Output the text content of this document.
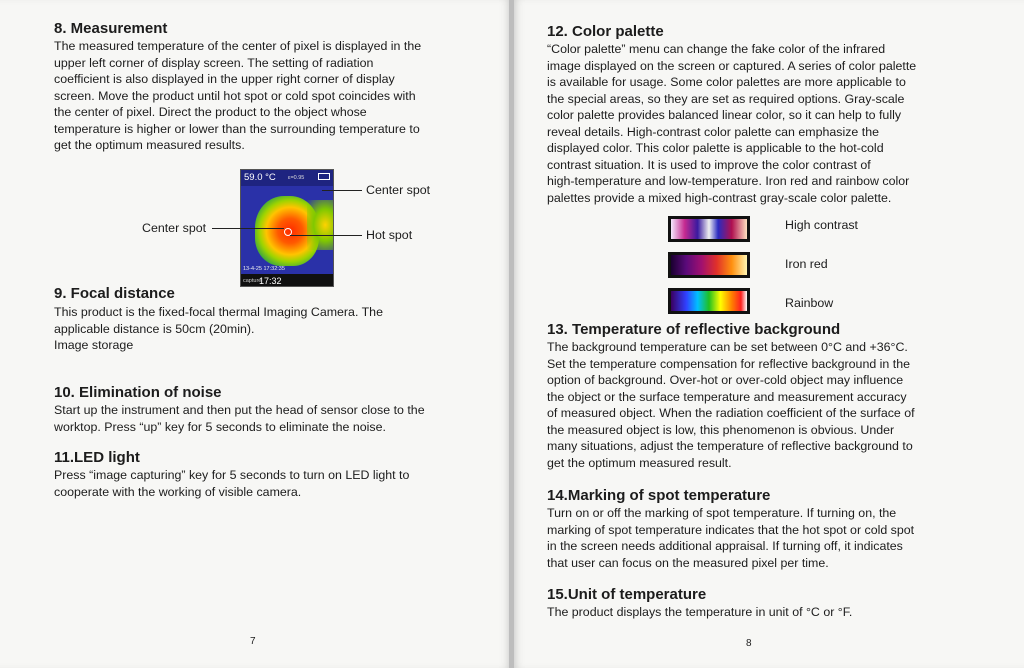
8. Measurement
The measured temperature of the center of pixel is displayed in the
upper left corner of display screen. The setting of radiation
coefficient is also displayed in the upper right corner of display
screen. Move the product until hot spot or cold spot coincides with
the center of pixel. Direct the product to the object whose
temperature is higher or lower than the surrounding temperature to
get the optimum measured results.
59.0 °C ε=0.95
13-4-25 17:32:35
capture
17:32
Center spot
Center spot	Hot spot
9. Focal distance
This product is the fixed-focal thermal Imaging Camera. The
applicable distance is 50cm (20min).
Image storage
10. Elimination of noise
Start up the instrument and then put the head of sensor close to the
worktop. Press “up” key for 5 seconds to eliminate the noise.
11.LED light
Press “image capturing” key for 5 seconds to turn on LED light to
cooperate with the working of visible camera.
7
12. Color palette
“Color palette” menu can change the fake color of the infrared
image displayed on the screen or captured. A series of color palette
is available for usage. Some color palettes are more applicable to
the special areas, so they are set as required options. Gray-scale
color palette provides balanced linear color, so it can help to fully
reveal details. High-contrast color palette can emphasize the
displayed color. This color palette is applicable to the hot-cold
contrast situation. It is used to improve the color contrast of
high-temperature and low-temperature. Iron red and rainbow color
palettes provide a mixed high-contrast gray-scale color palette.
High contrast
Iron red
Rainbow
13. Temperature of reflective background
The background temperature can be set between 0°C and +36°C.
Set the temperature compensation for reflective background in the
option of background. Over-hot or over-cold object may influence
the object or the surface temperature and measurement accuracy
of measured object. When the radiation coefficient of the surface of
the measured object is low, this phenomenon is obvious. Under
many situations, adjust the temperature of reflective background to
get the optimum measured result.
14.Marking of spot temperature
Turn on or off the marking of spot temperature. If turning on, the
marking of spot temperature indicates that the hot spot or cold spot
in the screen needs additional appraisal. If turning off, it indicates
that user can focus on the measured pixel per time.
15.Unit of temperature
The product displays the temperature in unit of °C or °F.
8
